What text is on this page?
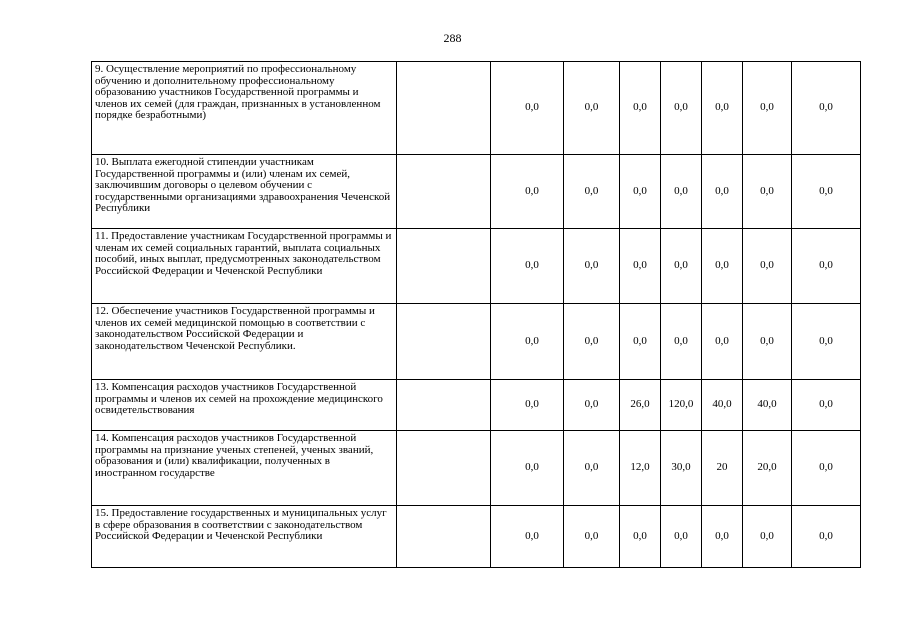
288
9. Осуществление мероприятий по профессиональному обучению и дополнительному профессиональному образованию участников Государственной программы и членов их семей (для граждан, признанных в установленном порядке безработными)		0,0	0,0	0,0	0,0	0,0	0,0	0,0
10. Выплата ежегодной стипендии участникам Государственной программы и (или) членам их семей, заключившим договоры о целевом обучении с государственными организациями здравоохранения Чеченской Республики		0,0	0,0	0,0	0,0	0,0	0,0	0,0
11. Предоставление участникам Государственной программы и членам их семей социальных гарантий, выплата социальных пособий, иных выплат, предусмотренных законодательством Российской Федерации и Чеченской Республики		0,0	0,0	0,0	0,0	0,0	0,0	0,0
12. Обеспечение участников Государственной программы и членов их семей медицинской помощью в соответствии с законодательством Российской Федерации и законодательством Чеченской Республики.		0,0	0,0	0,0	0,0	0,0	0,0	0,0
13. Компенсация расходов участников Государственной программы и членов их семей на прохождение медицинского освидетельствования		0,0	0,0	26,0	120,0	40,0	40,0	0,0
14. Компенсация расходов участников Государственной программы на признание ученых степеней, ученых званий, образования и (или) квалификации, полученных в иностранном государстве		0,0	0,0	12,0	30,0	20	20,0	0,0
15. Предоставление государственных и муниципальных услуг в сфере образования в соответствии с законодательством Российской Федерации и Чеченской Республики		0,0	0,0	0,0	0,0	0,0	0,0	0,0
